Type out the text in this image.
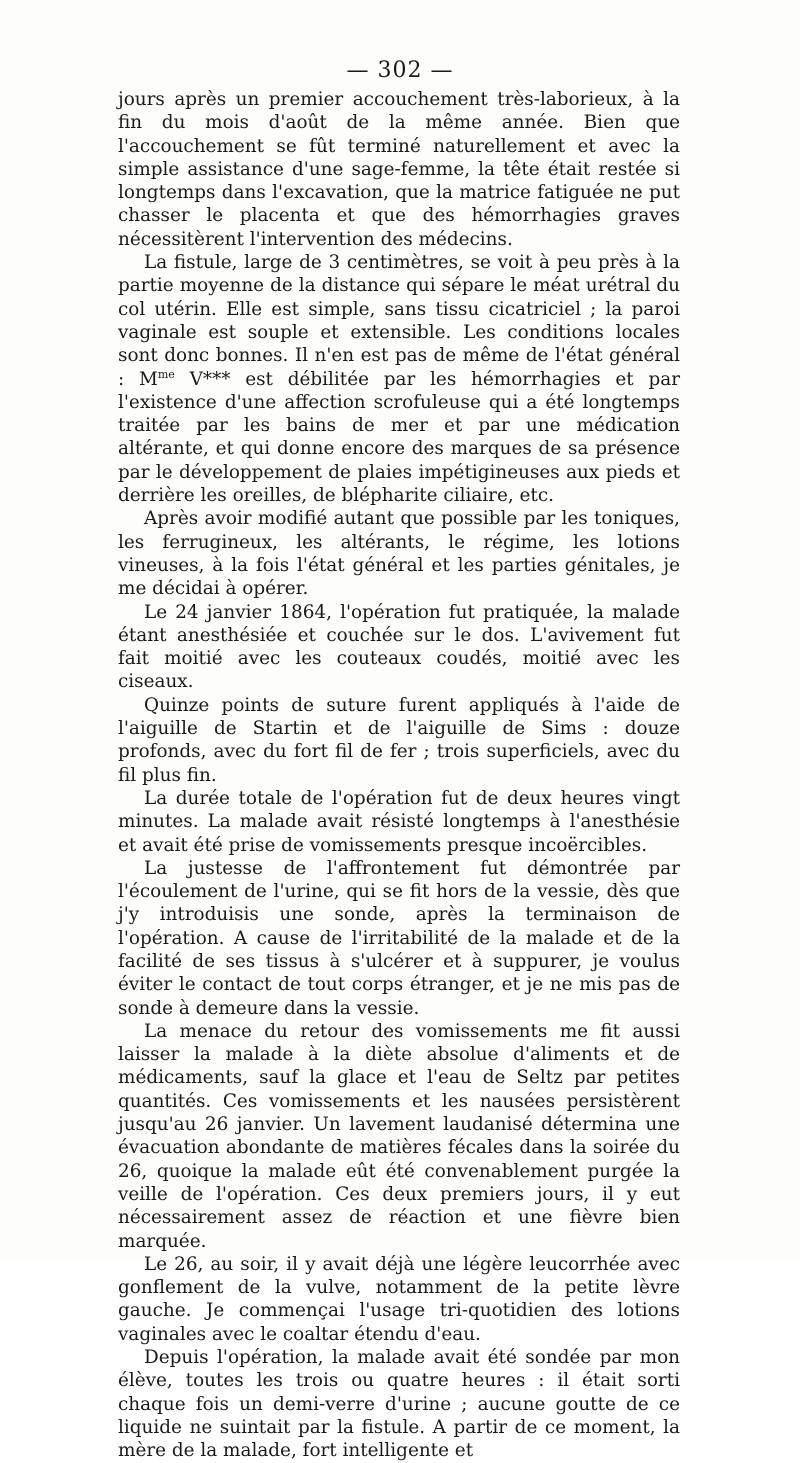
— 302 —

jours après un premier accouchement très-laborieux, à la fin du mois d'août de la même année. Bien que l'accouchement se fût terminé naturellement et avec la simple assistance d'une sage-femme, la tête était restée si longtemps dans l'excavation, que la matrice fatiguée ne put chasser le placenta et que des hémorrhagies graves nécessitèrent l'intervention des médecins.

La fistule, large de 3 centimètres, se voit à peu près à la partie moyenne de la distance qui sépare le méat urétral du col utérin. Elle est simple, sans tissu cicatriciel ; la paroi vaginale est souple et extensible. Les conditions locales sont donc bonnes. Il n'en est pas de même de l'état général : $M^{me}$ V*** est débilitée par les hémorrhagies et par l'existence d'une affection scrofuleuse qui a été longtemps traitée par les bains de mer et par une médication altérante, et qui donne encore des marques de sa présence par le développement de plaies impétigineuses aux pieds et derrière les oreilles, de blépharite ciliaire, etc.

Après avoir modifié autant que possible par les toniques, les ferrugineux, les altérants, le régime, les lotions vineuses, à la fois l'état général et les parties génitales, je me décidai à opérer.

Le 24 janvier 1864, l'opération fut pratiquée, la malade étant anesthésiée et couchée sur le dos. L'avivement fut fait moitié avec les couteaux coudés, moitié avec les ciseaux.

Quinze points de suture furent appliqués à l'aide de l'aiguille de Startin et de l'aiguille de Sims : douze profonds, avec du fort fil de fer ; trois superficiels, avec du fil plus fin.

La durée totale de l'opération fut de deux heures vingt minutes. La malade avait résisté longtemps à l'anesthésie et avait été prise de vomissements presque incoërcibles.

La justesse de l'affrontement fut démontrée par l'écoulement de l'urine, qui se fit hors de la vessie, dès que j'y introduisis une sonde, après la terminaison de l'opération. A cause de l'irritabilité de la malade et de la facilité de ses tissus à s'ulcérer et à suppurer, je voulus éviter le contact de tout corps étranger, et je ne mis pas de sonde à demeure dans la vessie.

La menace du retour des vomissements me fit aussi laisser la malade à la diète absolue d'aliments et de médicaments, sauf la glace et l'eau de Seltz par petites quantités. Ces vomissements et les nausées persistèrent jusqu'au 26 janvier. Un lavement laudanisé détermina une évacuation abondante de matières fécales dans la soirée du 26, quoique la malade eût été convenablement purgée la veille de l'opération. Ces deux premiers jours, il y eut nécessairement assez de réaction et une fièvre bien marquée.

Le 26, au soir, il y avait déjà une légère leucorrhée avec gonflement de la vulve, notamment de la petite lèvre gauche. Je commençai l'usage tri-quotidien des lotions vaginales avec le coaltar étendu d'eau.

Depuis l'opération, la malade avait été sondée par mon élève, toutes les trois ou quatre heures : il était sorti chaque fois un demi-verre d'urine ; aucune goutte de ce liquide ne suintait par la fistule. A partir de ce moment, la mère de la malade, fort intelligente et
